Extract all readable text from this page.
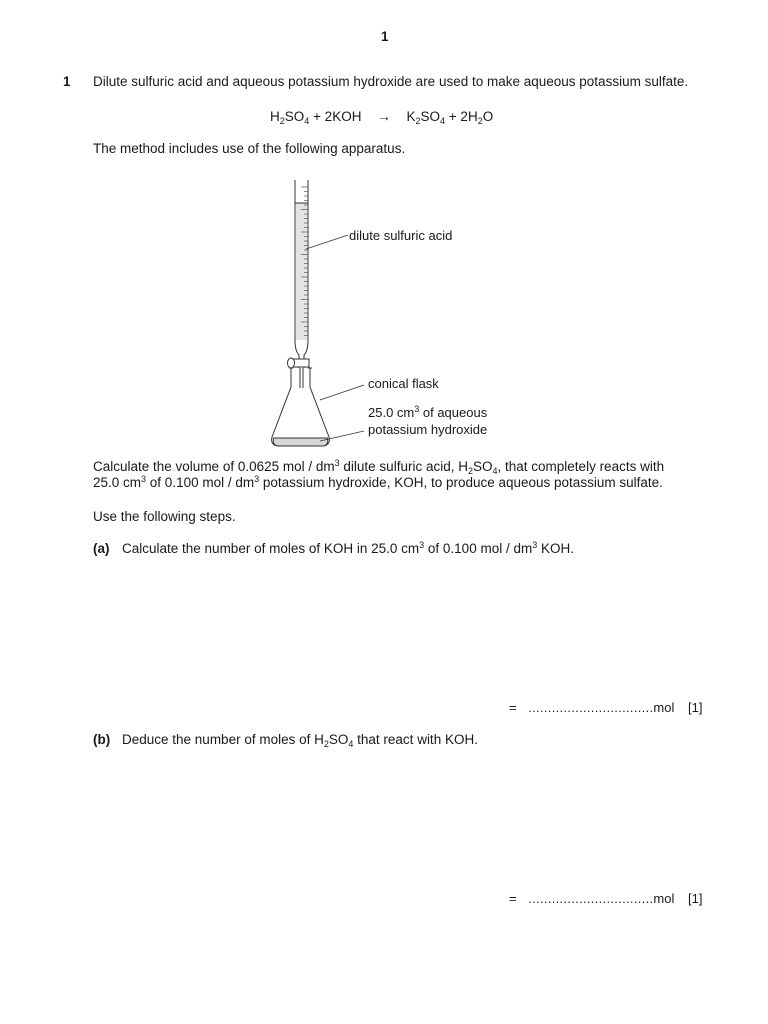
1
1 Dilute sulfuric acid and aqueous potassium hydroxide are used to make aqueous potassium sulfate.
$H_2SO_4 + 2KOH \to K_2SO_4 + 2H_2O$
The method includes use of the following apparatus.
dilute sulfuric acid
conical flask
25.0 $cm^3$ of aqueous
potassium hydroxide
Calculate the volume of 0.0625 mol / $dm^3$ dilute sulfuric acid, $H_2SO_4$, that completely reacts with
25.0 $cm^3$ of 0.100 mol / $dm^3$ potassium hydroxide, KOH, to produce aqueous potassium sulfate.
Use the following steps.
(a) Calculate the number of moles of KOH in 25.0 $cm^3$ of 0.100 mol / $dm^3$ KOH.
= ................................mol [1]
(b) Deduce the number of moles of $H_2SO_4$ that react with KOH.
= ................................mol [1]
